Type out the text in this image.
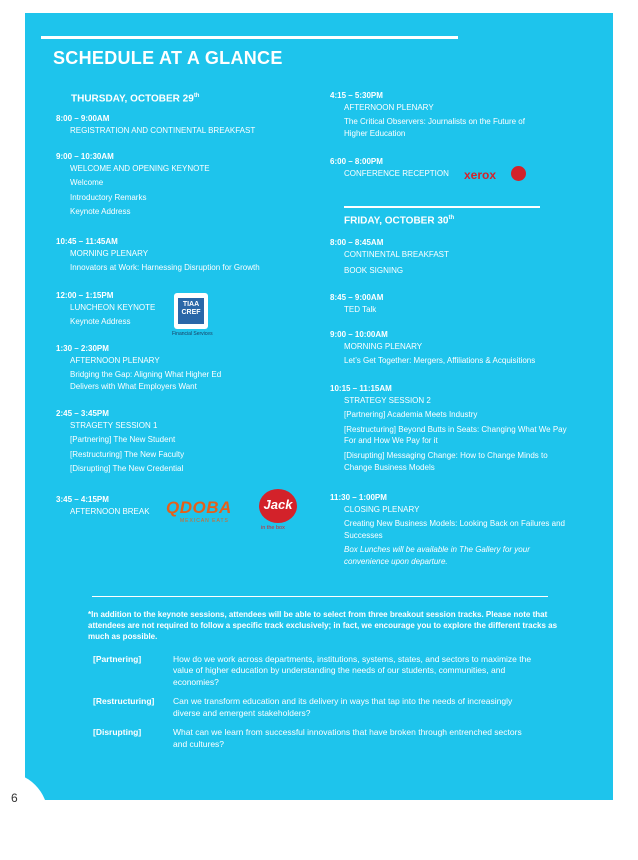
6
SCHEDULE AT A GLANCE
THURSDAY, OCTOBER 29th
8:00 – 9:00AM
REGISTRATION AND CONTINENTAL BREAKFAST
9:00 – 10:30AM
WELCOME AND OPENING KEYNOTE
Welcome
Introductory Remarks
Keynote Address
10:45 – 11:45AM
MORNING PLENARY
Innovators at Work: Harnessing Disruption for Growth
12:00 – 1:15PM
LUNCHEON KEYNOTE
Keynote Address
1:30 – 2:30PM
AFTERNOON PLENARY
Bridging the Gap: Aligning What Higher Ed Delivers with What Employers Want
2:45 – 3:45PM
STRAGETY SESSION 1
[Partnering] The New Student
[Restructuring] The New Faculty
[Disrupting] The New Credential
3:45 – 4:15PM
AFTERNOON BREAK
4:15 – 5:30PM
AFTERNOON PLENARY
The Critical Observers: Journalists on the Future of Higher Education
6:00 – 8:00PM
CONFERENCE RECEPTION
FRIDAY, OCTOBER 30th
8:00 – 8:45AM
CONTINENTAL BREAKFAST
BOOK SIGNING
8:45 – 9:00AM
TED Talk
9:00 – 10:00AM
MORNING PLENARY
Let’s Get Together: Mergers, Affiliations & Acquisitions
10:15 – 11:15AM
STRATEGY SESSION 2
[Partnering] Academia Meets Industry
[Restructuring] Beyond Butts in Seats: Changing What We Pay For and How We Pay for it
[Disrupting] Messaging Change: How to Change Minds to Change Business Models
11:30 – 1:00PM
CLOSING PLENARY
Creating New Business Models: Looking Back on Failures and Successes
Box Lunches will be available in The Gallery for your convenience upon departure.
TIAA CREF
Financial Services
QDOBA
MEXICAN EATS
Jack
in the box
xerox
*In addition to the keynote sessions, attendees will be able to select from three breakout session tracks. Please note that attendees are not required to follow a specific track exclusively; in fact, we encourage you to explore the different tracks as much as possible.
[Partnering]	How do we work across departments, institutions, systems, states, and sectors to maximize the value of higher education by understanding the needs of our students, communities, and economies?
[Restructuring]	Can we transform education and its delivery in ways that tap into the needs of increasingly diverse and emergent stakeholders?
[Disrupting]	What can we learn from successful innovations that have broken through entrenched sectors and cultures?
